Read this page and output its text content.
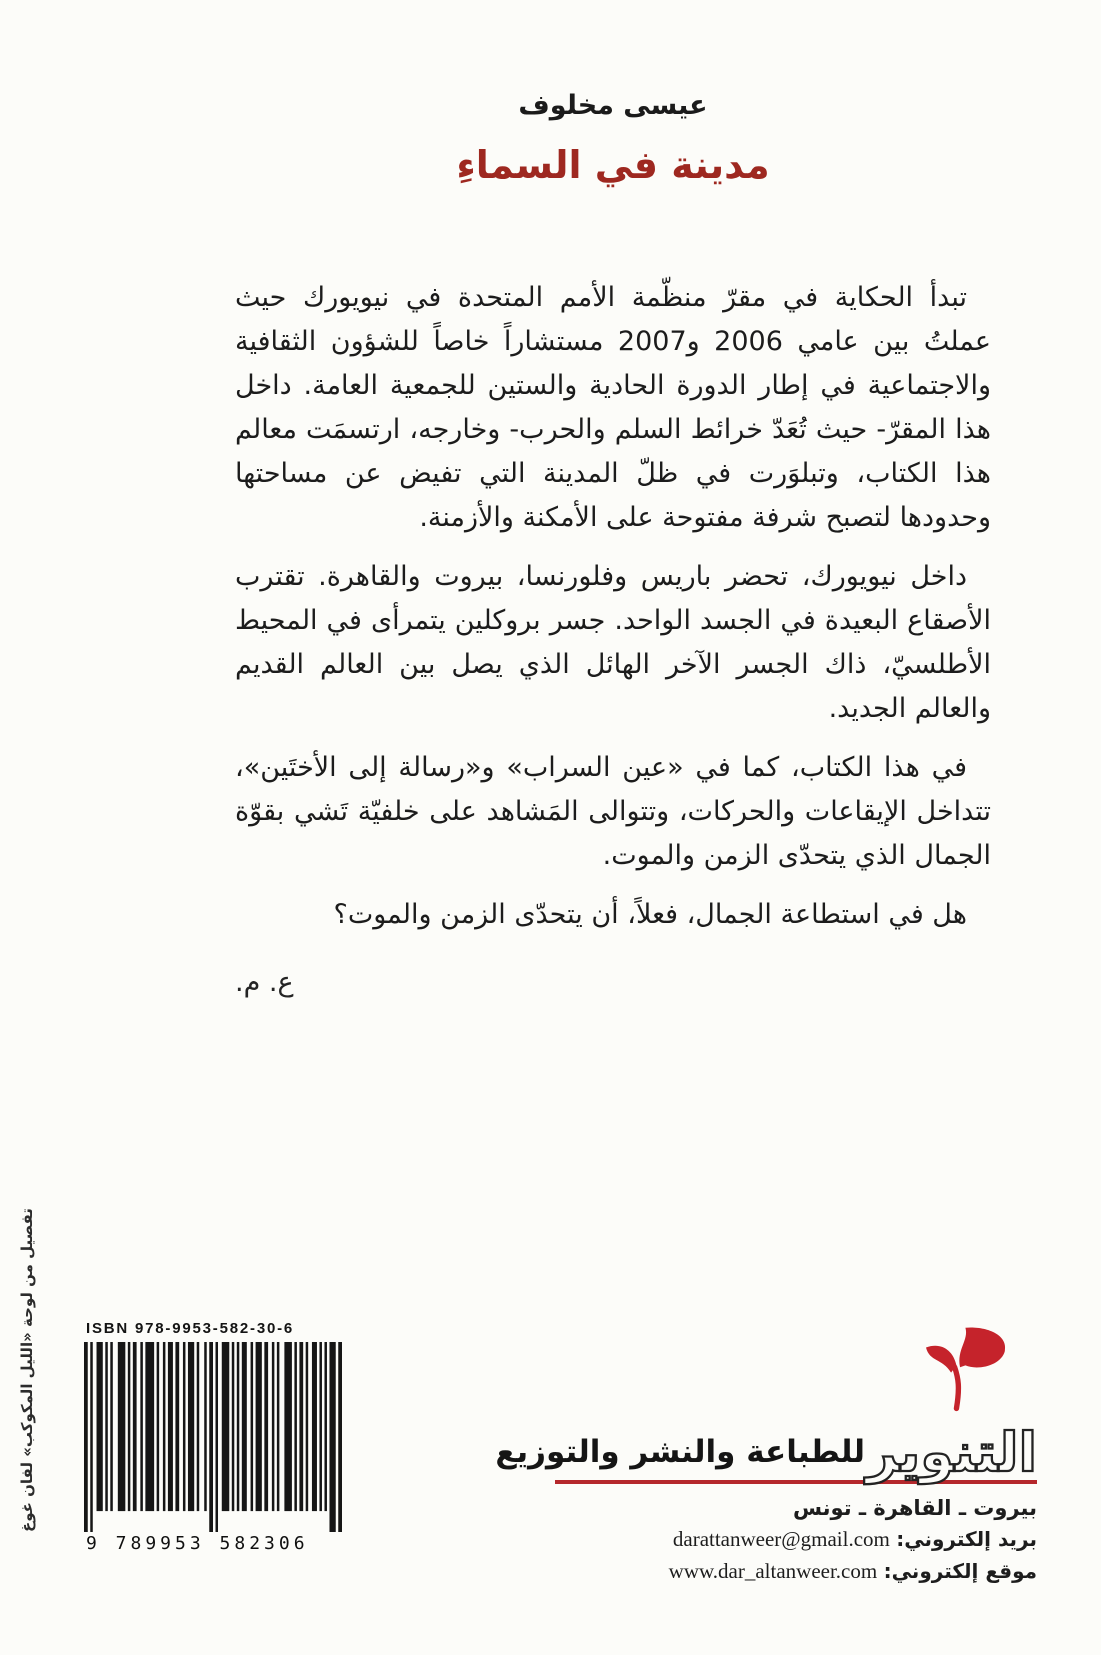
تفصيل من لوحة «الليل المكوكب» لفان غوغ
عيسى مخلوف
مدينة في السماءِ

تبدأ الحكاية في مقرّ منظّمة الأمم المتحدة في نيويورك حيث عملتُ بين عامي 2006 و2007 مستشاراً خاصاً للشؤون الثقافية والاجتماعية في إطار الدورة الحادية والستين للجمعية العامة. داخل هذا المقرّ- حيث تُعَدّ خرائط السلم والحرب- وخارجه، ارتسمَت معالم هذا الكتاب، وتبلوَرت في ظلّ المدينة التي تفيض عن مساحتها وحدودها لتصبح شرفة مفتوحة على الأمكنة والأزمنة.

داخل نيويورك، تحضر باريس وفلورنسا، بيروت والقاهرة. تقترب الأصقاع البعيدة في الجسد الواحد. جسر بروكلين يتمرأى في المحيط الأطلسيّ، ذاك الجسر الآخر الهائل الذي يصل بين العالم القديم والعالم الجديد.

في هذا الكتاب، كما في «عين السراب» و«رسالة إلى الأختَين»، تتداخل الإيقاعات والحركات، وتتوالى المَشاهد على خلفيّة تَشي بقوّة الجمال الذي يتحدّى الزمن والموت.

هل في استطاعة الجمال، فعلاً، أن يتحدّى الزمن والموت؟

ع. م.
ISBN 978-9953-582-30-6
9 789953 582306
للطباعة والنشر والتوزيع التنوير
بيروت ـ القاهرة ـ تونس
بريد إلكتروني: darattanweer@gmail.com
موقع إلكتروني: www.dar_altanweer.com
